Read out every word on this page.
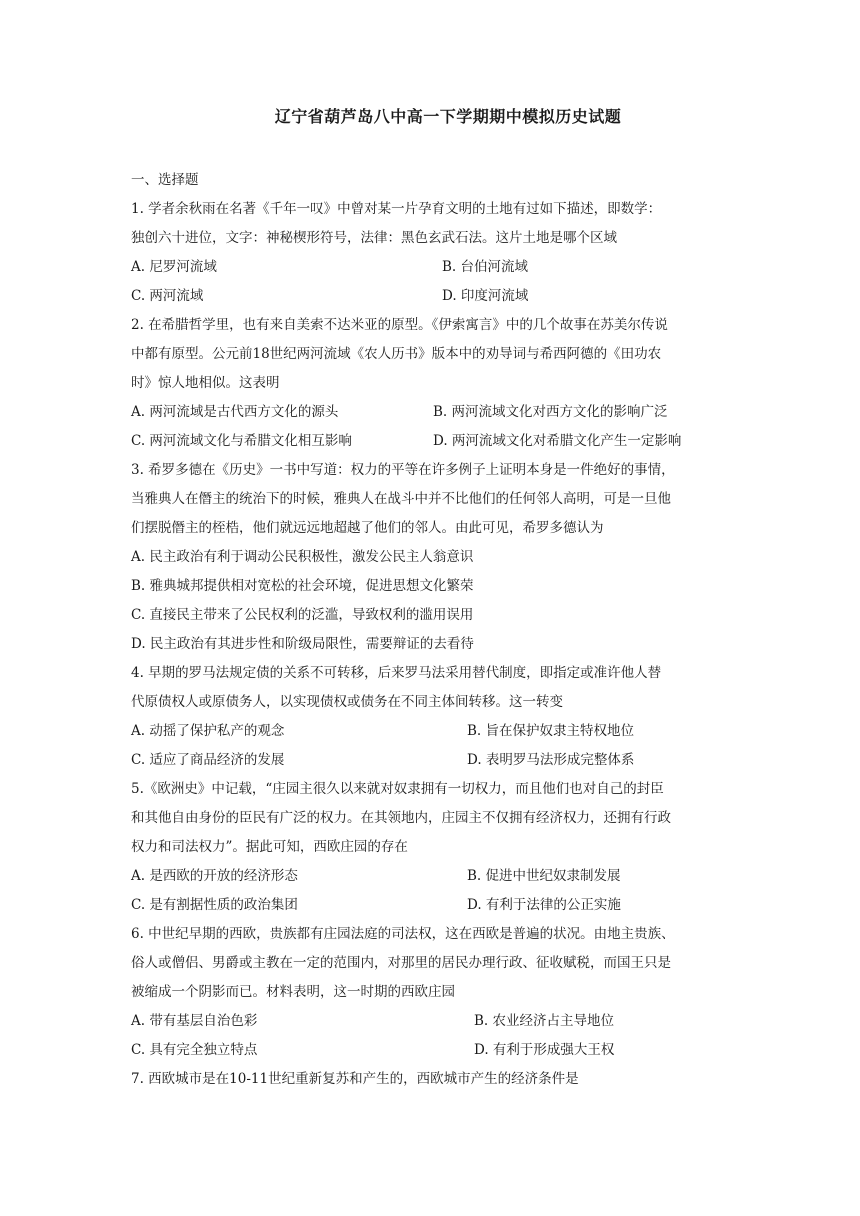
辽宁省葫芦岛八中高一下学期期中模拟历史试题
一、选择题
1. 学者余秋雨在名著《千年一叹》中曾对某一片孕育文明的土地有过如下描述，即数学：
独创六十进位，文字：神秘楔形符号，法律：黑色玄武石法。这片土地是哪个区域
A. 尼罗河流域	B. 台伯河流域
C. 两河流域	D. 印度河流域
2. 在希腊哲学里，也有来自美索不达米亚的原型。《伊索寓言》中的几个故事在苏美尔传说
中都有原型。公元前18世纪两河流域《农人历书》版本中的劝导词与希西阿德的《田功农
时》惊人地相似。这表明
A. 两河流域是古代西方文化的源头	B. 两河流域文化对西方文化的影响广泛
C. 两河流域文化与希腊文化相互影响	D. 两河流域文化对希腊文化产生一定影响
3. 希罗多德在《历史》一书中写道：权力的平等在许多例子上证明本身是一件绝好的事情，
当雅典人在僭主的统治下的时候，雅典人在战斗中并不比他们的任何邻人高明，可是一旦他
们摆脱僭主的桎梏，他们就远远地超越了他们的邻人。由此可见，希罗多德认为
A. 民主政治有利于调动公民积极性，激发公民主人翁意识
B. 雅典城邦提供相对宽松的社会环境，促进思想文化繁荣
C. 直接民主带来了公民权利的泛滥，导致权利的滥用误用
D. 民主政治有其进步性和阶级局限性，需要辩证的去看待
4. 早期的罗马法规定债的关系不可转移，后来罗马法采用替代制度，即指定或准许他人替
代原债权人或原债务人，以实现债权或债务在不同主体间转移。这一转变
A. 动摇了保护私产的观念	B. 旨在保护奴隶主特权地位
C. 适应了商品经济的发展	D. 表明罗马法形成完整体系
5.《欧洲史》中记载，“庄园主很久以来就对奴隶拥有一切权力，而且他们也对自己的封臣
和其他自由身份的臣民有广泛的权力。在其领地内，庄园主不仅拥有经济权力，还拥有行政
权力和司法权力”。据此可知，西欧庄园的存在
A. 是西欧的开放的经济形态	B. 促进中世纪奴隶制发展
C. 是有割据性质的政治集团	D. 有利于法律的公正实施
6. 中世纪早期的西欧，贵族都有庄园法庭的司法权，这在西欧是普遍的状况。由地主贵族、
俗人或僧侣、男爵或主教在一定的范围内，对那里的居民办理行政、征收赋税，而国王只是
被缩成一个阴影而已。材料表明，这一时期的西欧庄园
A. 带有基层自治色彩	B. 农业经济占主导地位
C. 具有完全独立特点	D. 有利于形成强大王权
7. 西欧城市是在10-11世纪重新复苏和产生的，西欧城市产生的经济条件是
